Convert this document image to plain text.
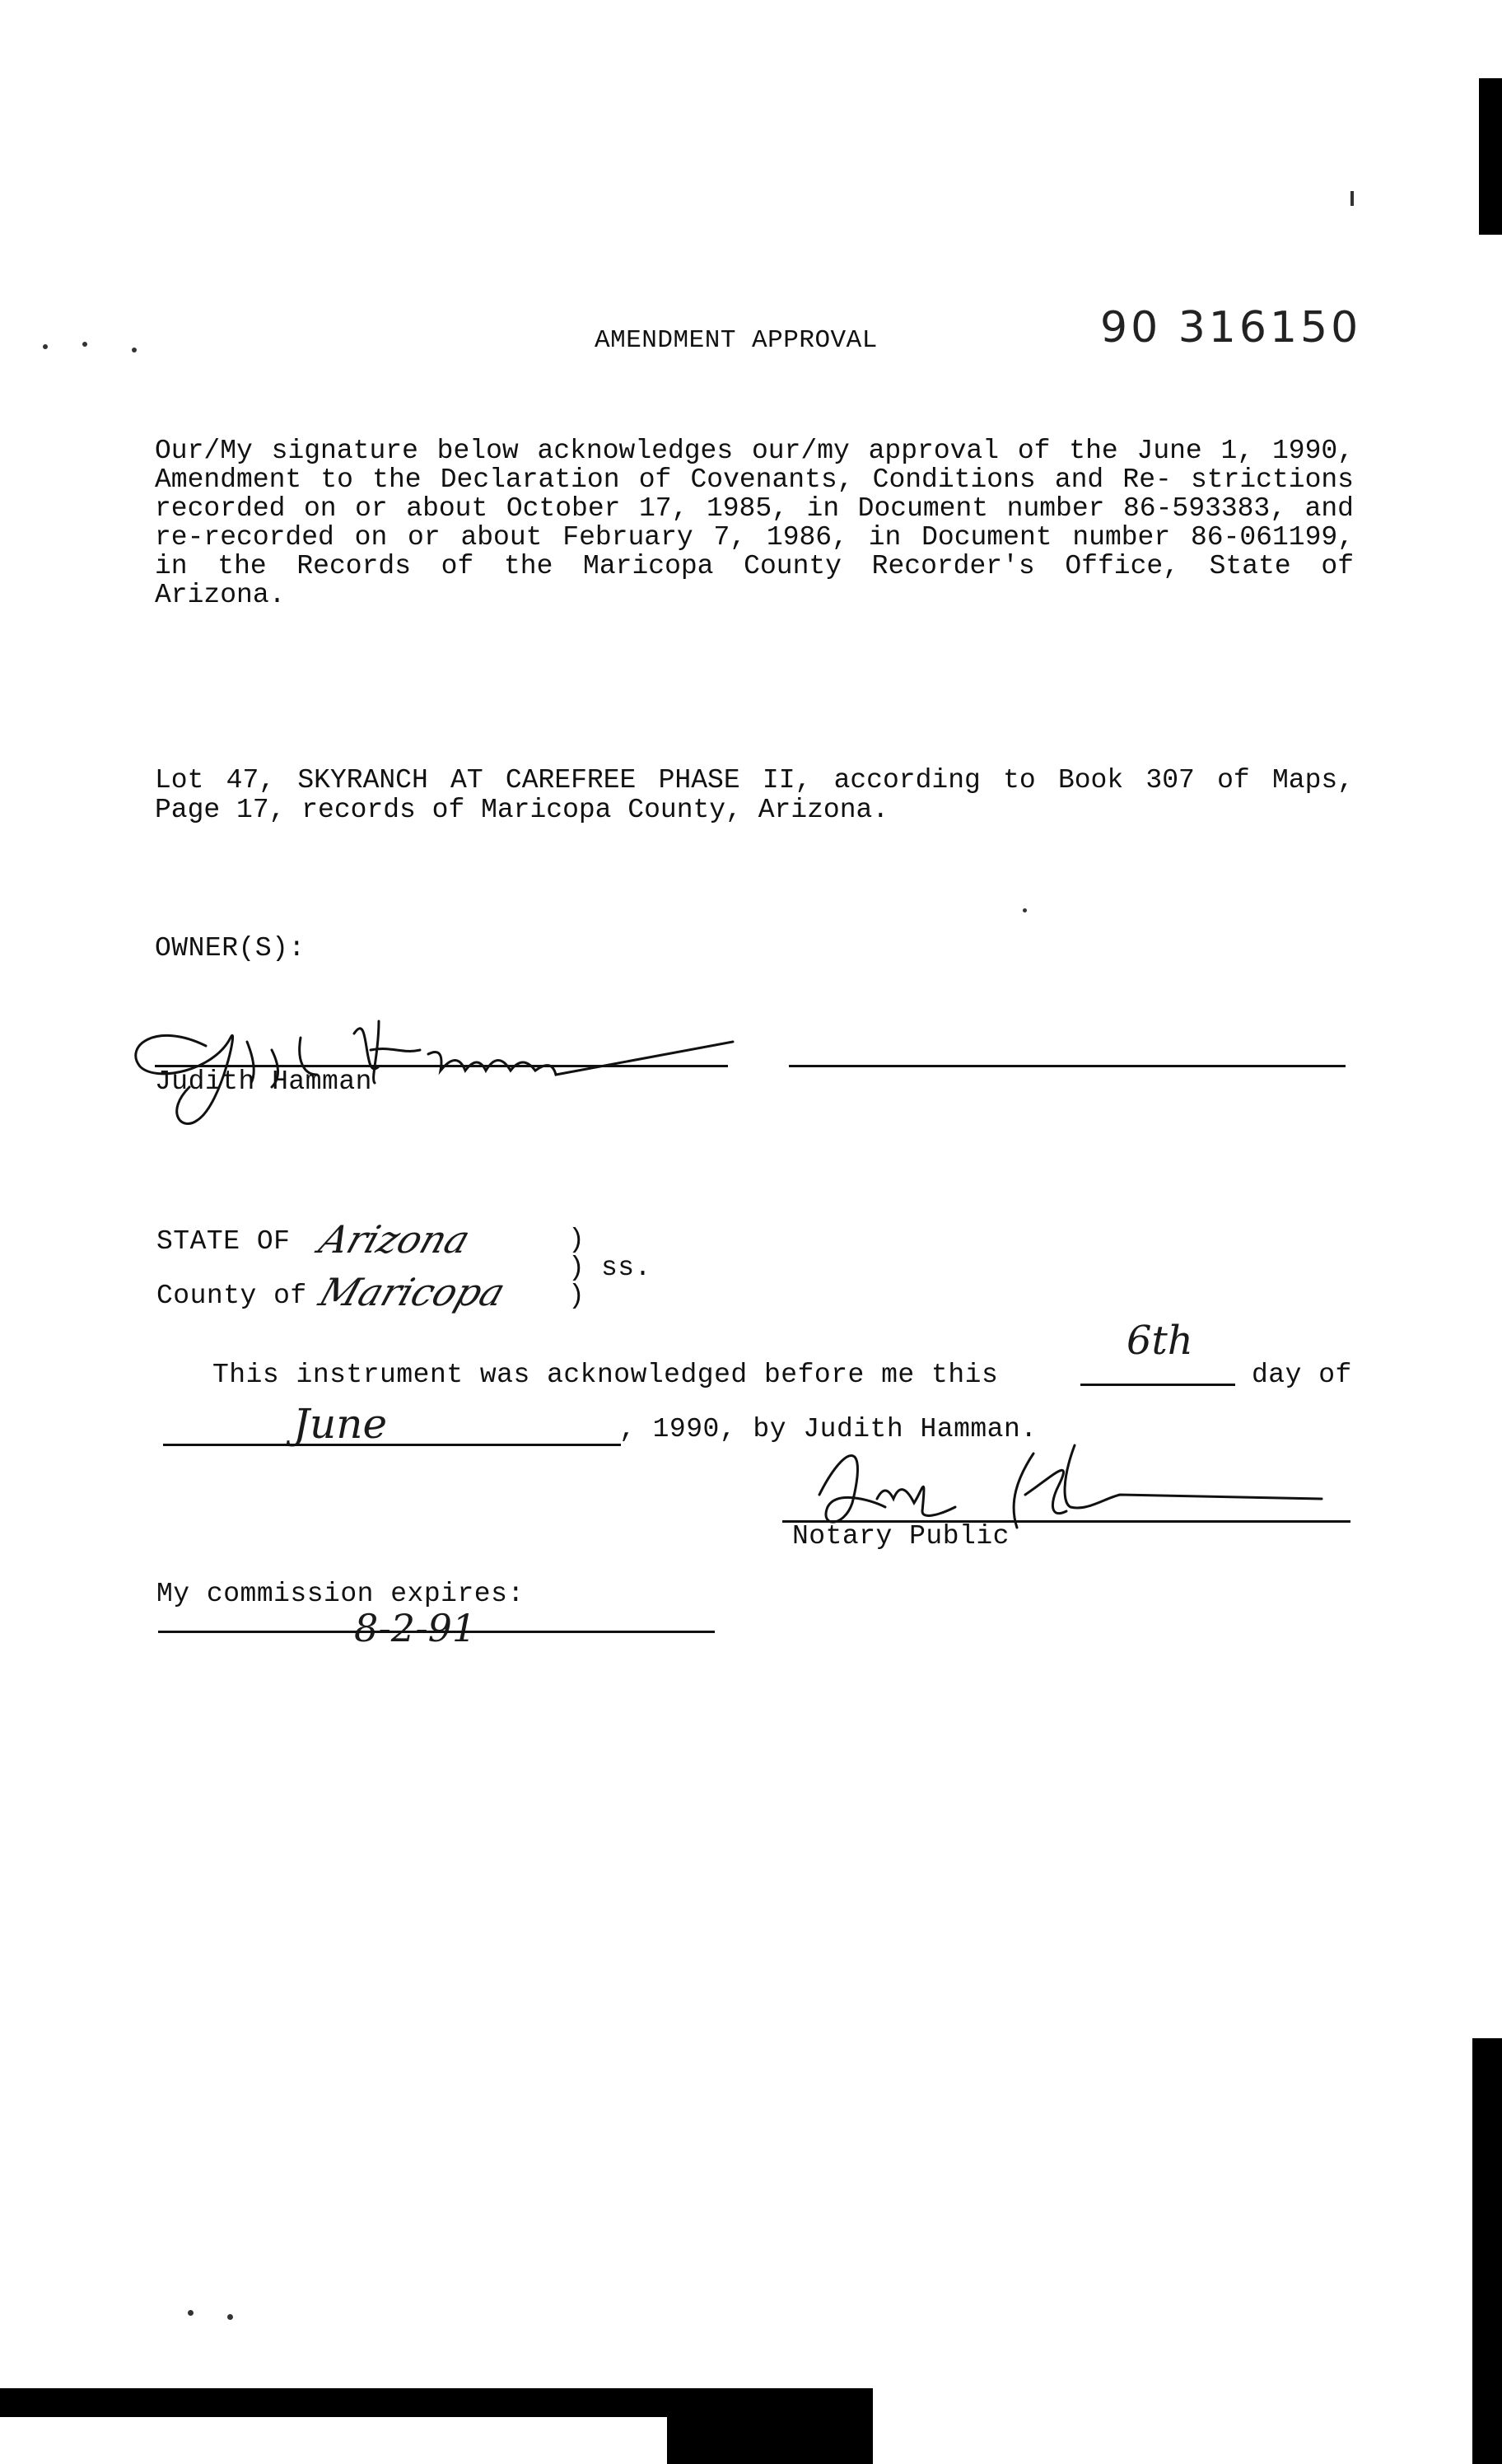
AMENDMENT APPROVAL	90 316150
Our/My signature below acknowledges our/my approval of the June 1, 1990, Amendment to the Declaration of Covenants, Conditions and Re- strictions recorded on or about October 17, 1985, in Document number 86-593383, and re-recorded on or about February 7, 1986, in Document number 86-061199, in the Records of the Maricopa County Recorder's Office, State of Arizona.
Lot 47, SKYRANCH AT CAREFREE PHASE II, according to Book 307 of Maps, Page 17, records of Maricopa County, Arizona.
OWNER(S):
Judith Hamman
STATE OF Arizona
County of Maricopa
)
)
)
ss.
This instrument was acknowledged before me this
6th
day of
June	, 1990, by Judith Hamman.
Notary Public
My commission expires:
8-2-91
